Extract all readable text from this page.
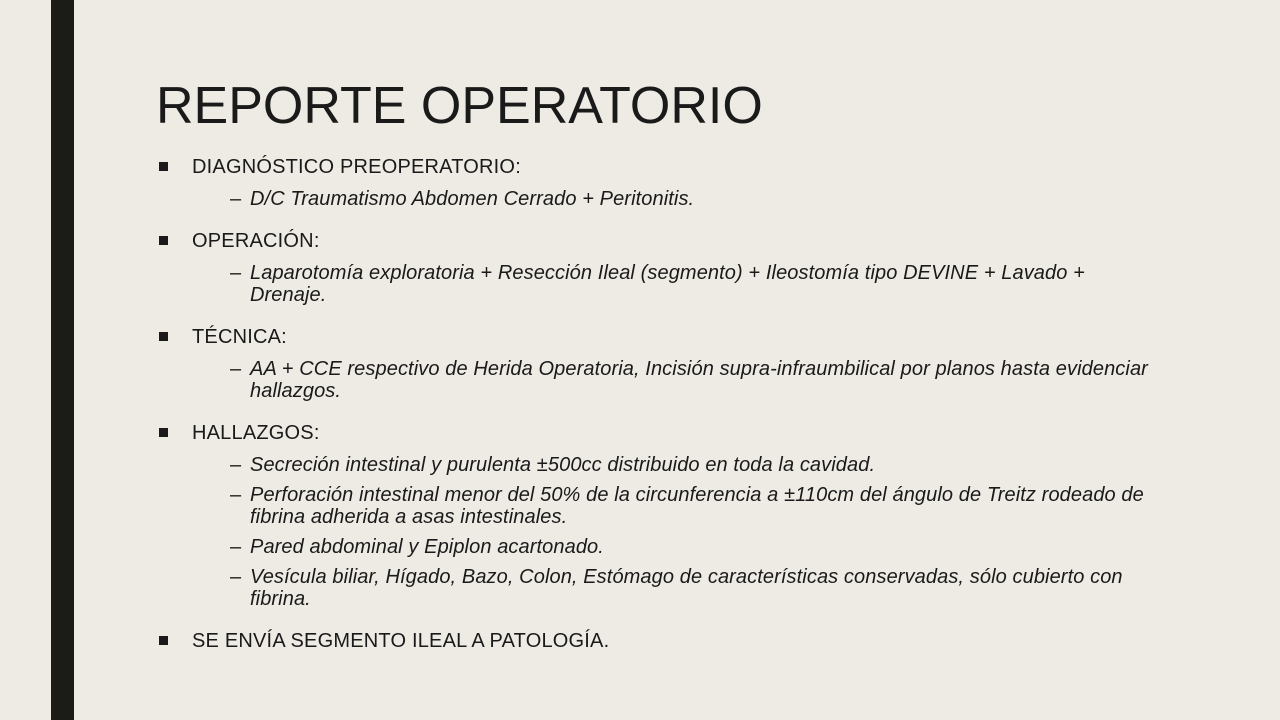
REPORTE OPERATORIO
DIAGNÓSTICO PREOPERATORIO:
– D/C Traumatismo Abdomen Cerrado + Peritonitis.
OPERACIÓN:
– Laparotomía exploratoria + Resección Ileal (segmento) + Ileostomía tipo DEVINE + Lavado + Drenaje.
TÉCNICA:
– AA + CCE respectivo de Herida Operatoria, Incisión supra-infraumbilical por planos hasta evidenciar hallazgos.
HALLAZGOS:
– Secreción intestinal y purulenta ±500cc distribuido en toda la cavidad.
– Perforación intestinal menor del 50% de la circunferencia a ±110cm del ángulo de Treitz rodeado de fibrina adherida a asas intestinales.
– Pared abdominal y Epiplon acartonado.
– Vesícula biliar, Hígado, Bazo, Colon, Estómago de características conservadas, sólo cubierto con fibrina.
SE ENVÍA SEGMENTO ILEAL A PATOLOGÍA.
